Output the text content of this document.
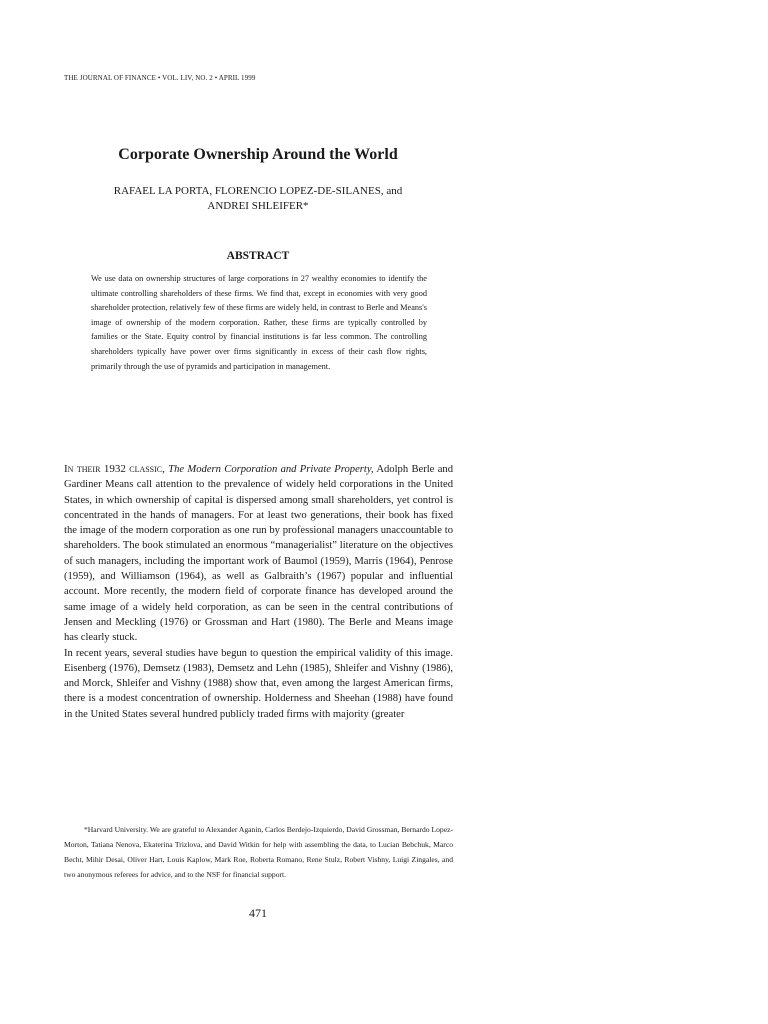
THE JOURNAL OF FINANCE • VOL. LIV, NO. 2 • APRIL 1999
Corporate Ownership Around the World
RAFAEL LA PORTA, FLORENCIO LOPEZ-DE-SILANES, and
ANDREI SHLEIFER*
ABSTRACT

We use data on ownership structures of large corporations in 27 wealthy economies to identify the ultimate controlling shareholders of these firms. We find that, except in economies with very good shareholder protection, relatively few of these firms are widely held, in contrast to Berle and Means's image of ownership of the modern corporation. Rather, these firms are typically controlled by families or the State. Equity control by financial institutions is far less common. The controlling shareholders typically have power over firms significantly in excess of their cash flow rights, primarily through the use of pyramids and participation in management.

In their 1932 classic, The Modern Corporation and Private Property, Adolph Berle and Gardiner Means call attention to the prevalence of widely held corporations in the United States, in which ownership of capital is dispersed among small shareholders, yet control is concentrated in the hands of managers. For at least two generations, their book has fixed the image of the modern corporation as one run by professional managers unaccountable to shareholders. The book stimulated an enormous “managerialist” literature on the objectives of such managers, including the important work of Baumol (1959), Marris (1964), Penrose (1959), and Williamson (1964), as well as Galbraith’s (1967) popular and influential account. More recently, the modern field of corporate finance has developed around the same image of a widely held corporation, as can be seen in the central contributions of Jensen and Meckling (1976) or Grossman and Hart (1980). The Berle and Means image has clearly stuck.

In recent years, several studies have begun to question the empirical validity of this image. Eisenberg (1976), Demsetz (1983), Demsetz and Lehn (1985), Shleifer and Vishny (1986), and Morck, Shleifer and Vishny (1988) show that, even among the largest American firms, there is a modest concentration of ownership. Holderness and Sheehan (1988) have found in the United States several hundred publicly traded firms with majority (greater

*Harvard University. We are grateful to Alexander Aganin, Carlos Berdejo-Izquierdo, David Grossman, Bernardo Lopez-Morton, Tatiana Nenova, Ekaterina Trizlova, and David Witkin for help with assembling the data, to Lucian Bebchuk, Marco Becht, Mihir Desai, Oliver Hart, Louis Kaplow, Mark Roe, Roberta Romano, Rene Stulz, Robert Vishny, Luigi Zingales, and two anonymous referees for advice, and to the NSF for financial support.

471
